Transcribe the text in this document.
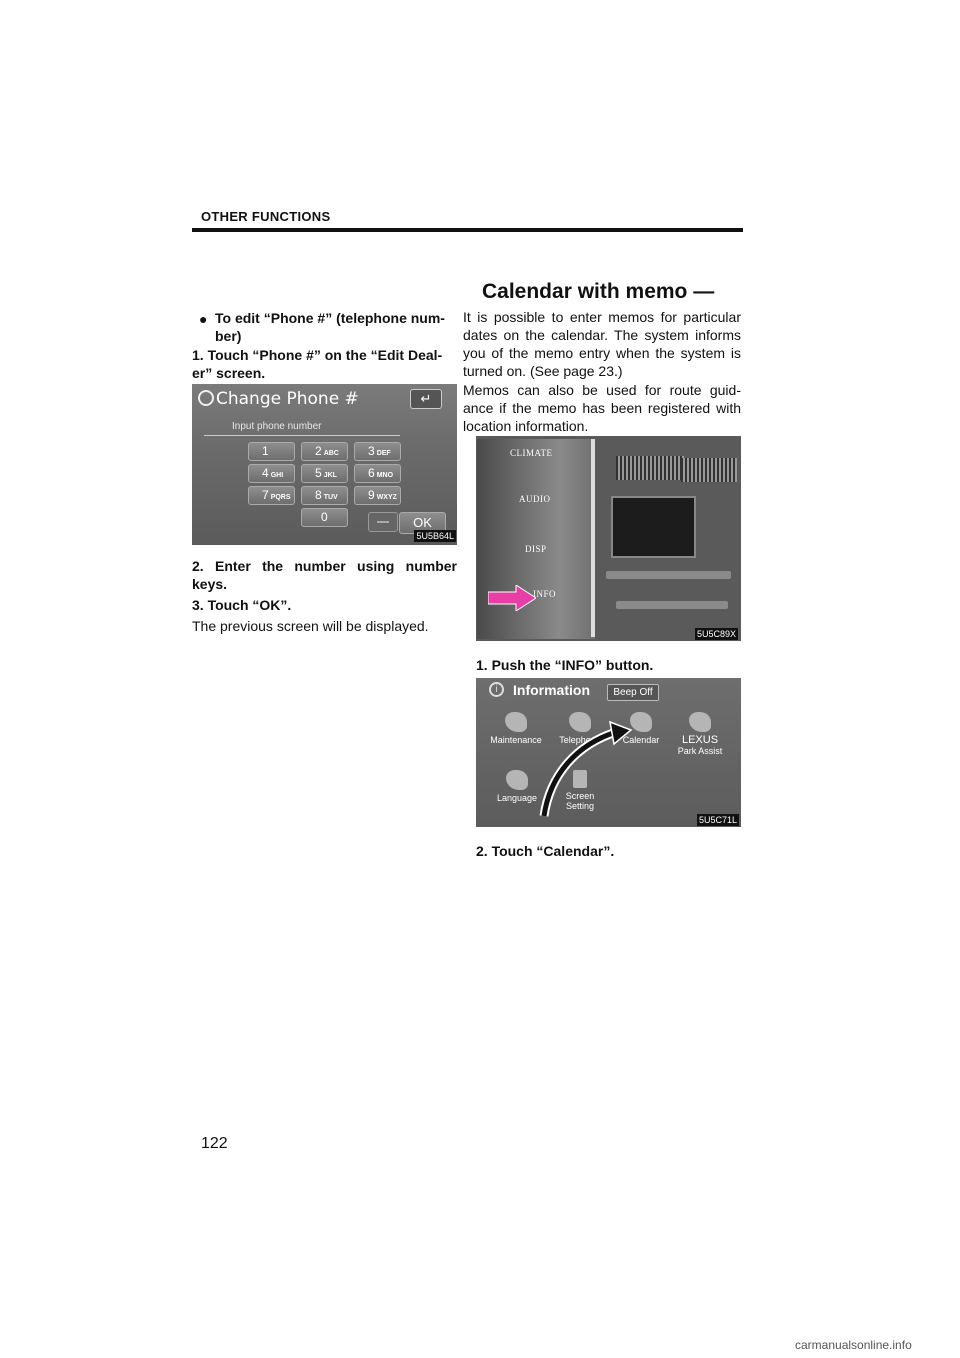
OTHER FUNCTIONS
● To edit “Phone #” (telephone num-
ber)
1. Touch “Phone #” on the “Edit Deal-
er” screen.
Change Phone #	↵
Input phone number
1	2 ABC	3 DEF
4 GHI	5 JKL	6 MNO
7 PQRS	8 TUV	9 WXYZ
0	OK
5U5B64L
2. Enter the number using number
keys.
3. Touch “OK”.
The previous screen will be displayed.
Calendar with memo —

It is possible to enter memos for particular dates on the calendar. The system informs you of the memo entry when the system is turned on. (See page 23.)

Memos can also be used for route guid- ance if the memo has been registered with location information.

CLIMATE
AUDIO
DISP
INFO
5U5C89X
1. Push the “INFO” button.
i	Information	Beep Off
Maintenance Telephone	Calendar	LEXUS
Park Assist
Language	Screen
Setting
5U5C71L
2. Touch “Calendar”.
122
carmanualsonline.info
